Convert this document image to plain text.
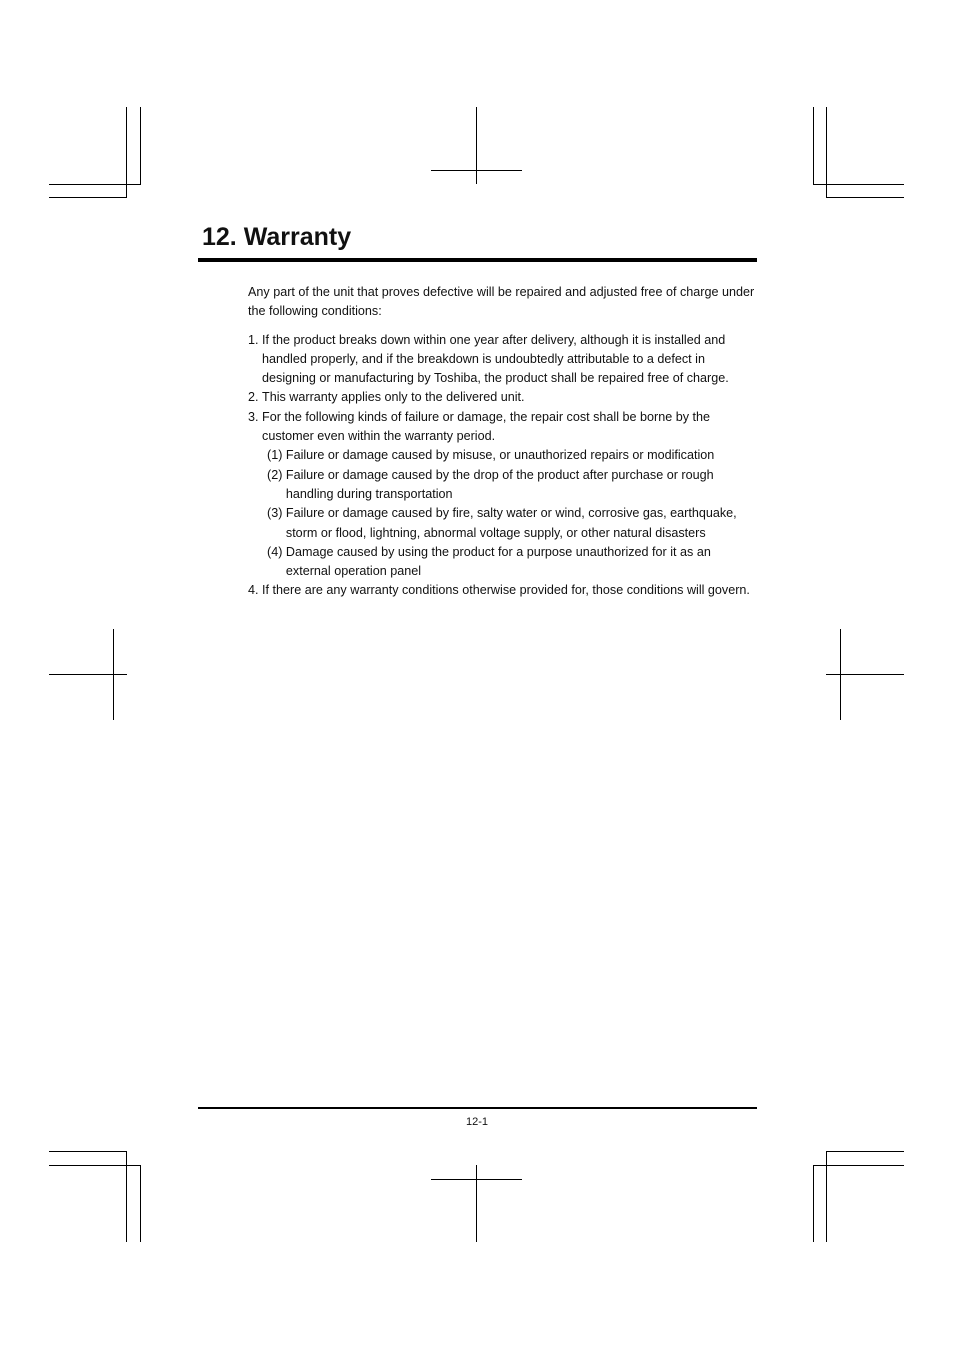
12. Warranty

Any part of the unit that proves defective will be repaired and adjusted free of charge under the following conditions:

1. If the product breaks down within one year after delivery, although it is installed and handled properly, and if the breakdown is undoubtedly attributable to a defect in designing or manufacturing by Toshiba, the product shall be repaired free of charge.
2. This warranty applies only to the delivered unit.
3. For the following kinds of failure or damage, the repair cost shall be borne by the customer even within the warranty period.
(1) Failure or damage caused by misuse, or unauthorized repairs or modification
(2) Failure or damage caused by the drop of the product after purchase or rough handling during transportation
(3) Failure or damage caused by fire, salty water or wind, corrosive gas, earthquake, storm or flood, lightning, abnormal voltage supply, or other natural disasters
(4) Damage caused by using the product for a purpose unauthorized for it as an external operation panel
4. If there are any warranty conditions otherwise provided for, those conditions will govern.
12-1
